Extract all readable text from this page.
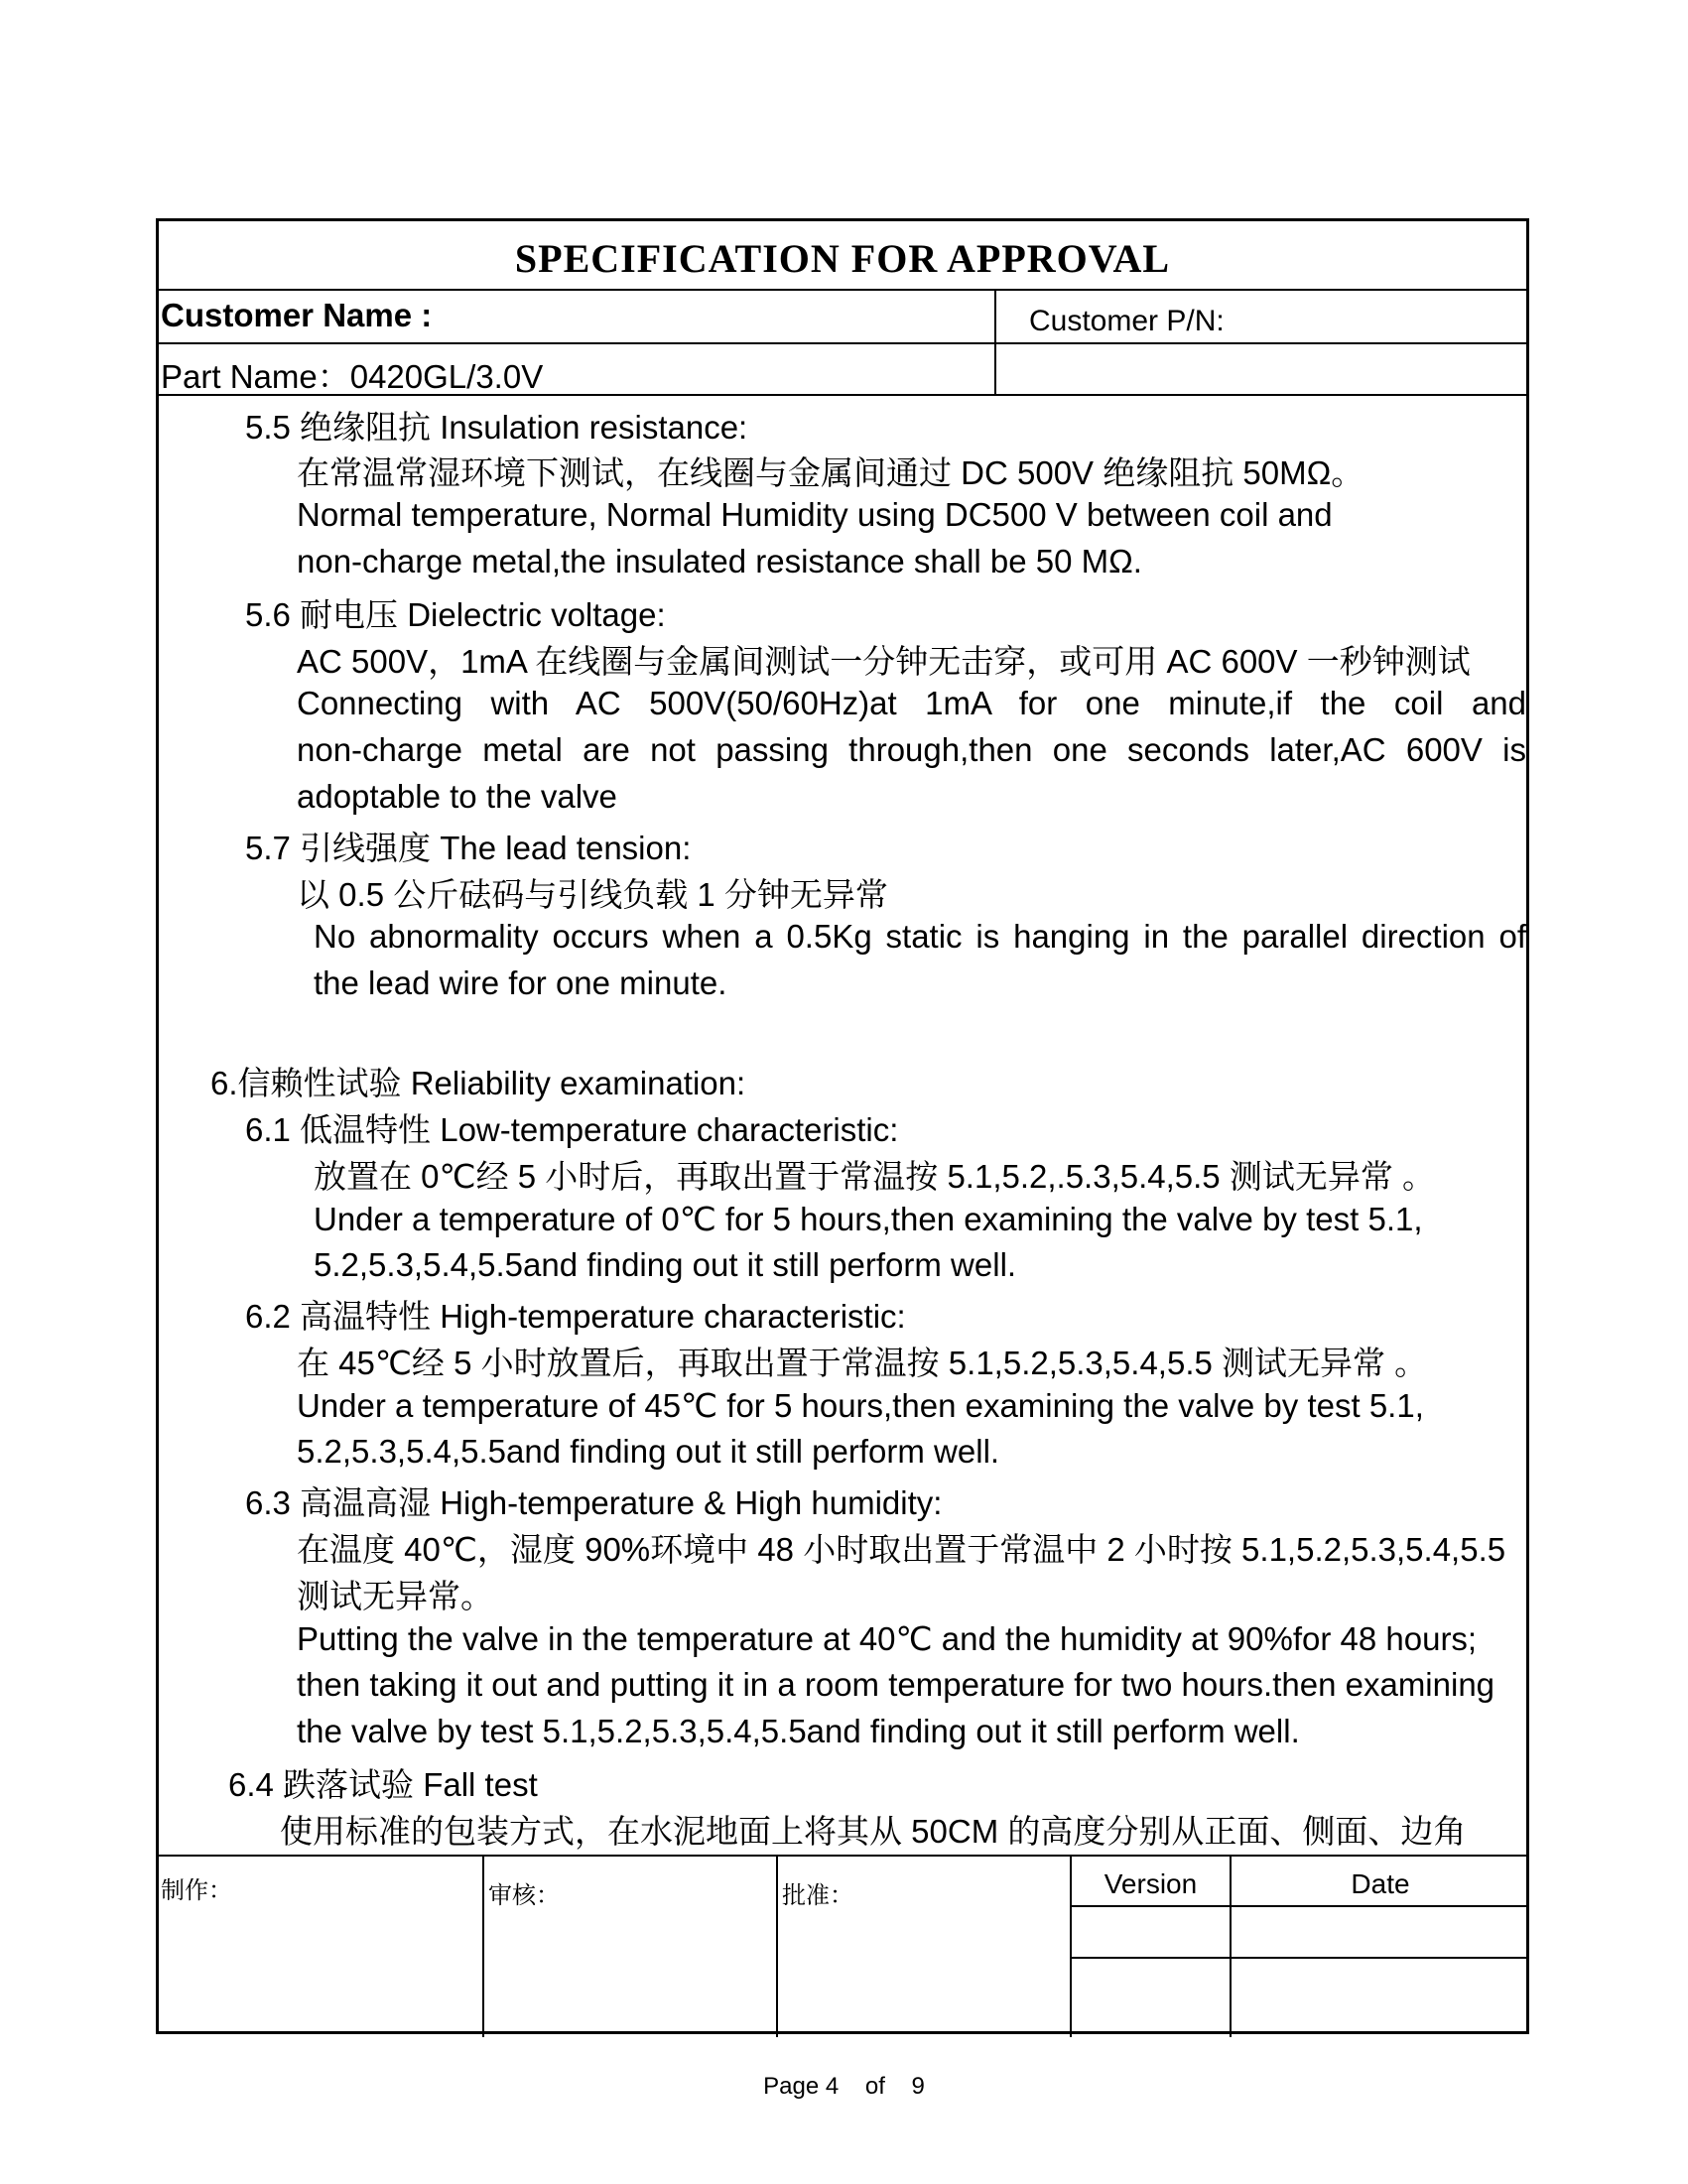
SPECIFICATION FOR APPROVAL
Customer Name :	Customer P/N:
Part Name：0420GL/3.0V
5.5 绝缘阻抗 Insulation resistance:
在常温常湿环境下测试，在线圈与金属间通过 DC 500V 绝缘阻抗 50MΩ。
Normal temperature, Normal Humidity using DC500 V between coil and
non-charge metal,the insulated resistance shall be 50 MΩ.
5.6 耐电压 Dielectric voltage:
AC 500V，1mA 在线圈与金属间测试一分钟无击穿，或可用 AC 600V 一秒钟测试
Connecting with AC 500V(50/60Hz)at 1mA for one minute,if the coil and
non-charge metal are not passing through,then one seconds later,AC 600V is
adoptable to the valve
5.7 引线强度 The lead tension:
以 0.5 公斤砝码与引线负载 1 分钟无异常
No abnormality occurs when a 0.5Kg static is hanging in the parallel direction of
the lead wire for one minute.
6.信赖性试验 Reliability examination:
6.1 低温特性 Low-temperature characteristic:
放置在 0℃经 5 小时后，再取出置于常温按 5.1,5.2,.5.3,5.4,5.5 测试无异常 。
Under a temperature of 0℃ for 5 hours,then examining the valve by test 5.1,
5.2,5.3,5.4,5.5and finding out it still perform well.
6.2 高温特性 High-temperature characteristic:
在 45℃经 5 小时放置后，再取出置于常温按 5.1,5.2,5.3,5.4,5.5 测试无异常 。
Under a temperature of 45℃ for 5 hours,then examining the valve by test 5.1,
5.2,5.3,5.4,5.5and finding out it still perform well.
6.3 高温高湿 High-temperature & High humidity:
在温度 40℃，湿度 90%环境中 48 小时取出置于常温中 2 小时按 5.1,5.2,5.3,5.4,5.5
测试无异常。
Putting the valve in the temperature at 40℃ and the humidity at 90%for 48 hours;
then taking it out and putting it in a room temperature for two hours.then examining
the valve by test 5.1,5.2,5.3,5.4,5.5and finding out it still perform well.
6.4 跌落试验 Fall test
使用标准的包装方式，在水泥地面上将其从 50CM 的高度分别从正面、侧面、边角
制作：	审核：	批准：	Version	Date
Page 4    of    9
